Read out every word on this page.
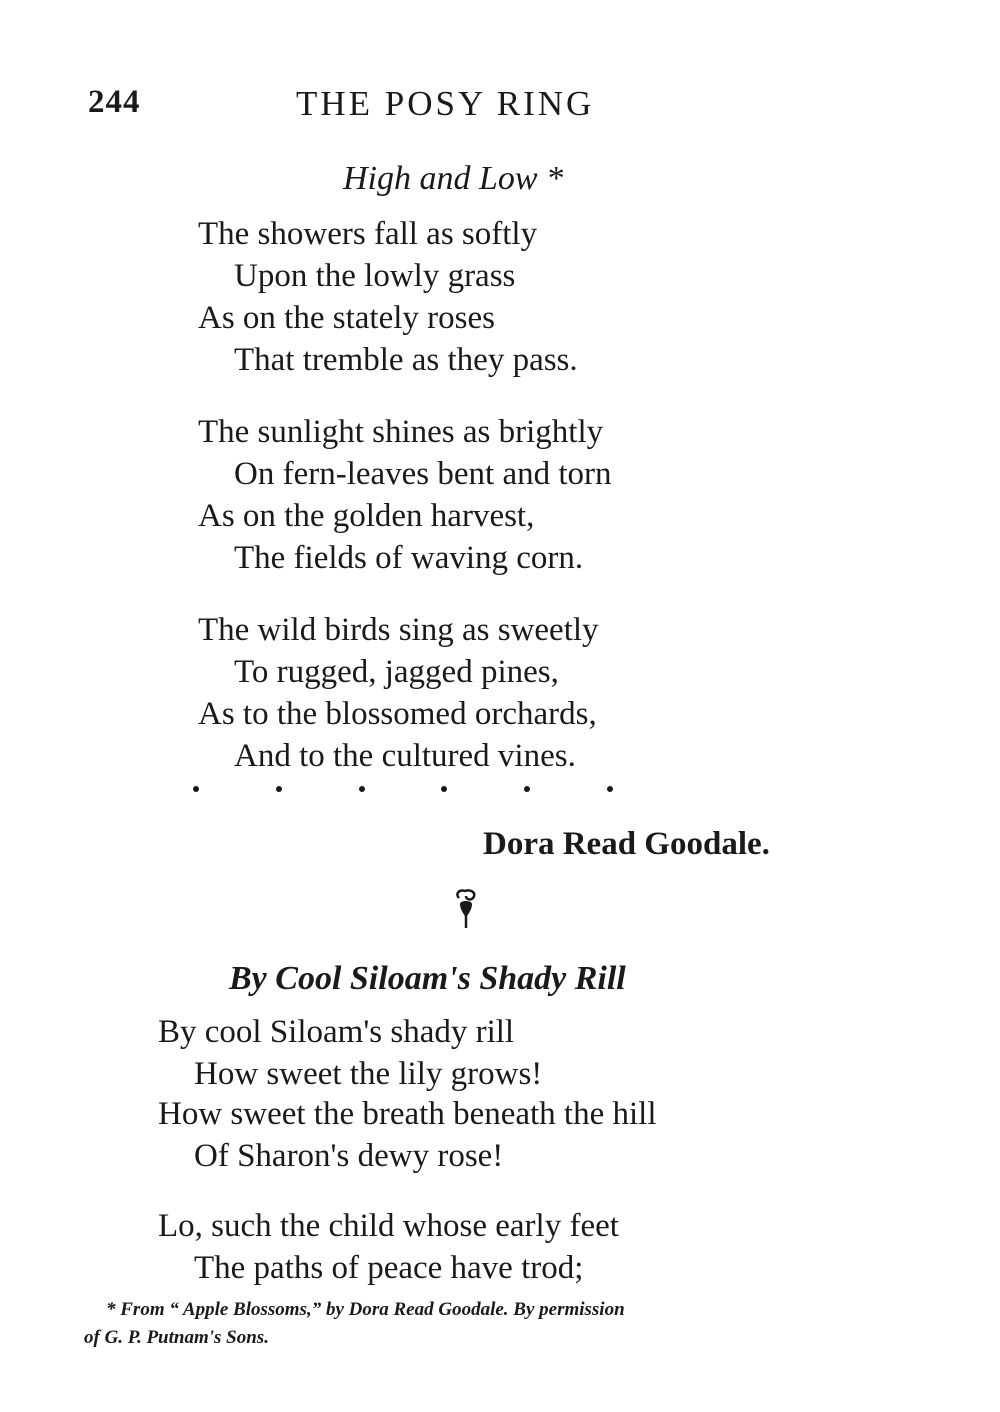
244	THE POSY RING
High and Low *
The showers fall as softly
Upon the lowly grass
As on the stately roses
That tremble as they pass.
The sunlight shines as brightly
On fern-leaves bent and torn
As on the golden harvest,
The fields of waving corn.
The wild birds sing as sweetly
To rugged, jagged pines,
As to the blossomed orchards,
And to the cultured vines.
Dora Read Goodale.
By Cool Siloam's Shady Rill
By cool Siloam's shady rill
How sweet the lily grows!
How sweet the breath beneath the hill
Of Sharon's dewy rose!
Lo, such the child whose early feet
The paths of peace have trod;
* From “ Apple Blossoms,” by Dora Read Goodale. By permission
of G. P. Putnam's Sons.
